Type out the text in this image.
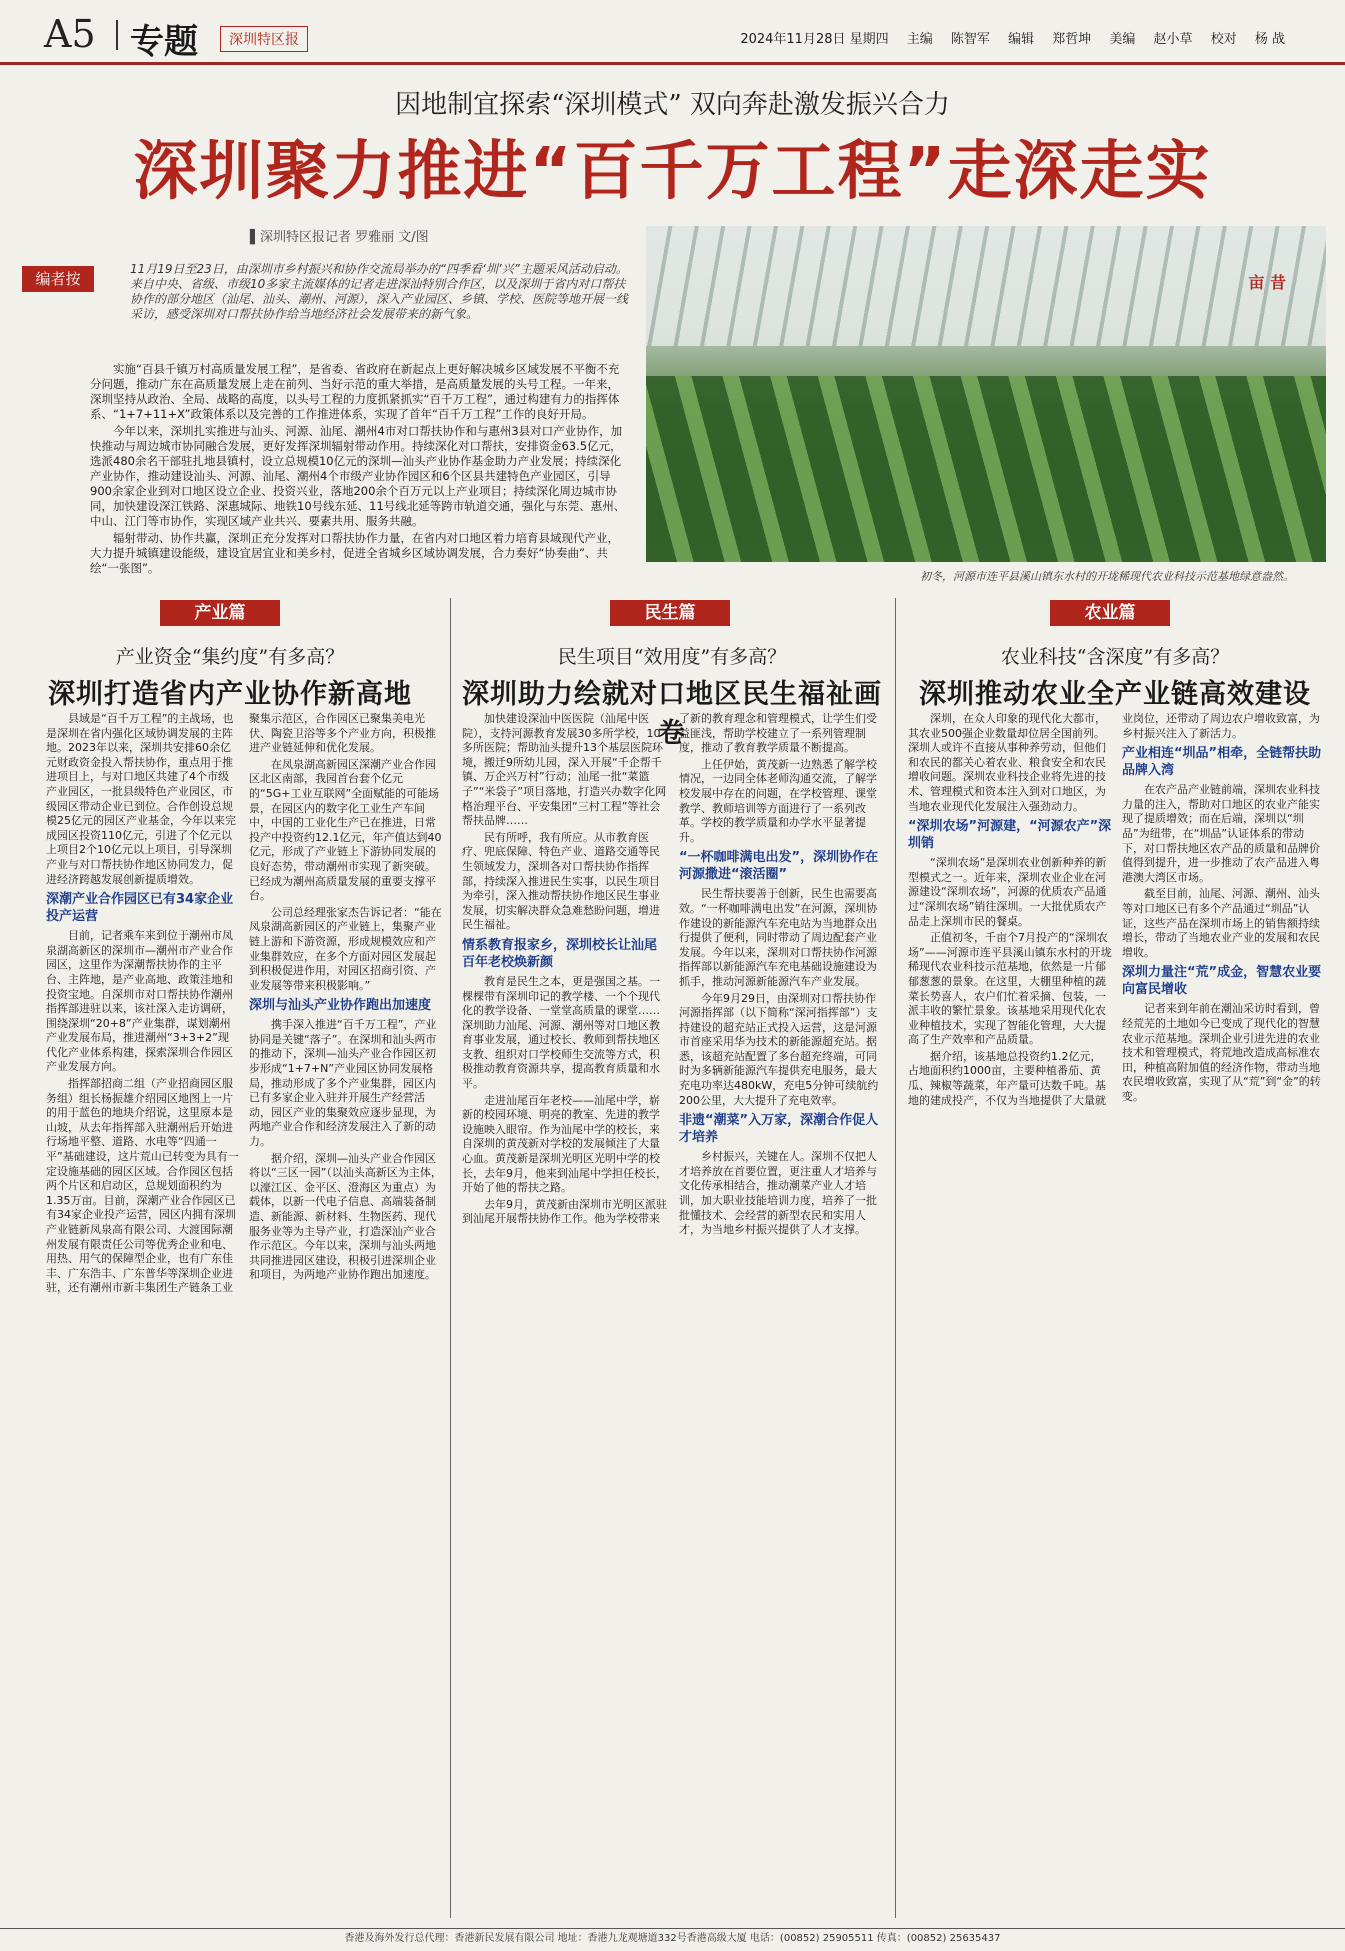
A5 专题	深圳特区报	2024年11月28日 星期四 主编 陈智军 编辑 郑哲坤 美编 赵小草 校对 杨 战
因地制宜探索“深圳模式” 双向奔赴激发振兴合力
深圳聚力推进“百千万工程”走深走实
▌深圳特区报记者 罗雅丽 文/图
编者按
11月19日至23日，由深圳市乡村振兴和协作交流局举办的“四季看‘圳’兴”主题采风活动启动。来自中央、省级、市级10多家主流媒体的记者走进深汕特别合作区，以及深圳于省内对口帮扶协作的部分地区（汕尾、汕头、潮州、河源），深入产业园区、乡镇、学校、医院等地开展一线采访，感受深圳对口帮扶协作给当地经济社会发展带来的新气象。
亩 昔
初冬，河源市连平县溪山镇东水村的开垅稀现代农业科技示范基地绿意盎然。

实施“百县千镇万村高质量发展工程”，是省委、省政府在新起点上更好解决城乡区域发展不平衡不充分问题，推动广东在高质量发展上走在前列、当好示范的重大举措，是高质量发展的头号工程。一年来，深圳坚持从政治、全局、战略的高度，以头号工程的力度抓紧抓实“百千万工程”，通过构建有力的指挥体系、“1+7+11+X”政策体系以及完善的工作推进体系，实现了首年“百千万工程”工作的良好开局。

今年以来，深圳扎实推进与汕头、河源、汕尾、潮州4市对口帮扶协作和与惠州3县对口产业协作，加快推动与周边城市协同融合发展，更好发挥深圳辐射带动作用。持续深化对口帮扶，安排资金63.5亿元，选派480余名干部驻扎地县镇村，设立总规模10亿元的深圳—汕头产业协作基金助力产业发展；持续深化产业协作，推动建设汕头、河源、汕尾、潮州4个市级产业协作园区和6个区县共建特色产业园区，引导900余家企业到对口地区设立企业、投资兴业，落地200余个百万元以上产业项目；持续深化周边城市协同，加快建设深江铁路、深惠城际、地铁10号线东延、11号线北延等跨市轨道交通，强化与东莞、惠州、中山、江门等市协作，实现区域产业共兴、要素共用、服务共融。

辐射带动、协作共赢，深圳正充分发挥对口帮扶协作力量，在省内对口地区着力培育县域现代产业，大力提升城镇建设能级，建设宜居宜业和美乡村，促进全省城乡区域协调发展，合力奏好“协奏曲”、共绘“一张图”。

产业篇
产业资金“集约度”有多高？
深圳打造省内产业协作新高地

县域是“百千万工程”的主战场，也是深圳在省内强化区域协调发展的主阵地。2023年以来，深圳共安排60余亿元财政资金投入帮扶协作，重点用于推进项目上，与对口地区共建了4个市级产业园区，一批县级特色产业园区，市级园区带动企业已到位。合作创设总规模25亿元的园区产业基金，今年以来完成园区投资110亿元，引进了个亿元以上项目2个10亿元以上项目，引导深圳产业与对口帮扶协作地区协同发力，促进经济跨越发展创新提质增效。

深潮产业合作园区已有34家企业投产运营

目前，记者乘车来到位于潮州市凤泉湖高新区的深圳市—潮州市产业合作园区，这里作为深潮帮扶协作的主平台、主阵地，是产业高地、政策洼地和投资宝地。自深圳市对口帮扶协作潮州指挥部进驻以来，该社深入走访调研，围绕深圳“20+8”产业集群，谋划潮州产业发展布局，推进潮州“3+3+2”现代化产业体系构建，探索深圳合作园区产业发展方向。

指挥部招商二组（产业招商园区服务组）组长杨振雄介绍园区地图上一片的用于蓝色的地块介绍说，这里原本是山坡，从去年指挥部入驻潮州后开始进行场地平整、道路、水电等“四通一平”基础建设，这片荒山已转变为具有一定设施基础的园区区域。合作园区包括两个片区和启动区，总规划面积约为1.35万亩。目前，深潮产业合作园区已有34家企业投产运营，园区内拥有深圳产业链新凤泉高有限公司、大渡国际潮州发展有限责任公司等优秀企业和电、用热、用气的保障型企业，也有广东佳丰、广东浩丰、广东普华等深圳企业进驻，还有潮州市新丰集团生产链条工业聚集示范区，合作园区已聚集美电光伏、陶瓷卫浴等多个产业方向，积极推进产业链延伸和优化发展。

在凤泉湖高新园区深潮产业合作园区北区南部，我园首台套个亿元的“5G+工业互联网”全面赋能的可能场景，在园区内的数字化工业生产车间中，中国的工业化生产已在推进，日常投产中投资约12.1亿元，年产值达到40亿元，形成了产业链上下游协同发展的良好态势，带动潮州市实现了新突破。已经成为潮州高质量发展的重要支撑平台。

公司总经理张家杰告诉记者：“能在凤泉湖高新园区的产业链上，集聚产业链上游和下游资源，形成规模效应和产业集群效应，在多个方面对园区发展起到积极促进作用，对园区招商引资、产业发展等带来积极影响。”

深圳与汕头产业协作跑出加速度

携手深入推进“百千万工程”，产业协同是关键“落子”。在深圳和汕头两市的推动下，深圳—汕头产业合作园区初步形成“1+7+N”产业园区协同发展格局，推动形成了多个产业集群，园区内已有多家企业入驻并开展生产经营活动，园区产业的集聚效应逐步显现，为两地产业合作和经济发展注入了新的动力。

据介绍，深圳—汕头产业合作园区将以“三区一园”（以汕头高新区为主体，以濠江区、金平区、澄海区为重点）为载体，以新一代电子信息、高端装备制造、新能源、新材料、生物医药、现代服务业等为主导产业，打造深汕产业合作示范区。今年以来，深圳与汕头两地共同推进园区建设，积极引进深圳企业和项目，为两地产业协作跑出加速度。

民生篇
民生项目“效用度”有多高？
深圳助力绘就对口地区民生福祉画卷

加快建设深汕中医医院（汕尾中医院），支持河源教育发展30多所学校，10多所医院；帮助汕头提升13个基层医院环境，搬迁9所幼儿园，深入开展“千企帮千镇、万企兴万村”行动；汕尾一批“菜篮子”“米袋子”项目落地，打造兴办数字化网格治理平台、平安集团“三村工程”等社会帮扶品牌……

民有所呼，我有所应。从市教育医疗、兜底保障、特色产业、道路交通等民生领域发力，深圳各对口帮扶协作指挥部，持续深入推进民生实事，以民生项目为牵引，深入推动帮扶协作地区民生事业发展，切实解决群众急难愁盼问题，增进民生福祉。

情系教育报家乡，深圳校长让汕尾百年老校焕新颜

教育是民生之本，更是强国之基。一棵棵带有深圳印记的教学楼、一个个现代化的教学设备、一堂堂高质量的课堂……深圳助力汕尾、河源、潮州等对口地区教育事业发展，通过校长、教师到帮扶地区支教、组织对口学校师生交流等方式，积极推动教育资源共享，提高教育质量和水平。

走进汕尾百年老校——汕尾中学，崭新的校园环境、明亮的教室、先进的教学设施映入眼帘。作为汕尾中学的校长，来自深圳的黄茂新对学校的发展倾注了大量心血。黄茂新是深圳光明区光明中学的校长，去年9月，他来到汕尾中学担任校长，开始了他的帮扶之路。

去年9月，黄茂新由深圳市光明区派驻到汕尾开展帮扶协作工作。他为学校带来了新的教育理念和管理模式，让学生们受益匪浅，帮助学校建立了一系列管理制度，推动了教育教学质量不断提高。

上任伊始，黄茂新一边熟悉了解学校情况，一边同全体老师沟通交流，了解学校发展中存在的问题，在学校管理、课堂教学、教师培训等方面进行了一系列改革。学校的教学质量和办学水平显著提升。

“一杯咖啡满电出发”，深圳协作在河源撒进“滚活圈”

民生帮扶要善于创新，民生也需要高效。“一杯咖啡满电出发”在河源，深圳协作建设的新能源汽车充电站为当地群众出行提供了便利，同时带动了周边配套产业发展。今年以来，深圳对口帮扶协作河源指挥部以新能源汽车充电基础设施建设为抓手，推动河源新能源汽车产业发展。

今年9月29日，由深圳对口帮扶协作河源指挥部（以下简称“深河指挥部”）支持建设的超充站正式投入运营，这是河源市首座采用华为技术的新能源超充站。据悉，该超充站配置了多台超充终端，可同时为多辆新能源汽车提供充电服务，最大充电功率达480kW，充电5分钟可续航约200公里，大大提升了充电效率。

非遗“潮菜”入万家，深潮合作促人才培养

乡村振兴，关键在人。深圳不仅把人才培养放在首要位置，更注重人才培养与文化传承相结合，推动潮菜产业人才培训，加大职业技能培训力度，培养了一批批懂技术、会经营的新型农民和实用人才，为当地乡村振兴提供了人才支撑。

农业篇
农业科技“含深度”有多高？
深圳推动农业全产业链高效建设

深圳，在众人印象的现代化大都市，其农业500强企业数量却位居全国前列。深圳人或许不直接从事种养劳动，但他们和农民的都关心着农业、粮食安全和农民增收问题。深圳农业科技企业将先进的技术、管理模式和资本注入到对口地区，为当地农业现代化发展注入强劲动力。

“深圳农场”河源建，“河源农产”深圳销

“深圳农场”是深圳农业创新种养的新型模式之一。近年来，深圳农业企业在河源建设“深圳农场”，河源的优质农产品通过“深圳农场”销往深圳。一大批优质农产品走上深圳市民的餐桌。

正值初冬，千亩个7月投产的“深圳农场”——河源市连平县溪山镇东水村的开垅稀现代农业科技示范基地，依然是一片郁郁葱葱的景象。在这里，大棚里种植的蔬菜长势喜人，农户们忙着采摘、包装，一派丰收的繁忙景象。该基地采用现代化农业种植技术，实现了智能化管理，大大提高了生产效率和产品质量。

据介绍，该基地总投资约1.2亿元，占地面积约1000亩，主要种植番茄、黄瓜、辣椒等蔬菜，年产量可达数千吨。基地的建成投产，不仅为当地提供了大量就业岗位，还带动了周边农户增收致富，为乡村振兴注入了新活力。

产业相连“圳品”相牵，全链帮扶助品牌入湾

在农产品产业链前端，深圳农业科技力量的注入，帮助对口地区的农业产能实现了提质增效；而在后端，深圳以“圳品”为纽带，在“圳品”认证体系的带动下，对口帮扶地区农产品的质量和品牌价值得到提升，进一步推动了农产品进入粤港澳大湾区市场。

截至目前，汕尾、河源、潮州、汕头等对口地区已有多个产品通过“圳品”认证，这些产品在深圳市场上的销售额持续增长，带动了当地农业产业的发展和农民增收。

深圳力量注“荒”成金，智慧农业要向富民增收

记者来到年前在潮汕采访时看到，曾经荒芜的土地如今已变成了现代化的智慧农业示范基地。深圳企业引进先进的农业技术和管理模式，将荒地改造成高标准农田，种植高附加值的经济作物，带动当地农民增收致富，实现了从“荒”到“金”的转变。

香港及海外发行总代理：香港新民发展有限公司 地址：香港九龙观塘道332号香港高级大厦 电话：(00852) 25905511 传真：(00852) 25635437
